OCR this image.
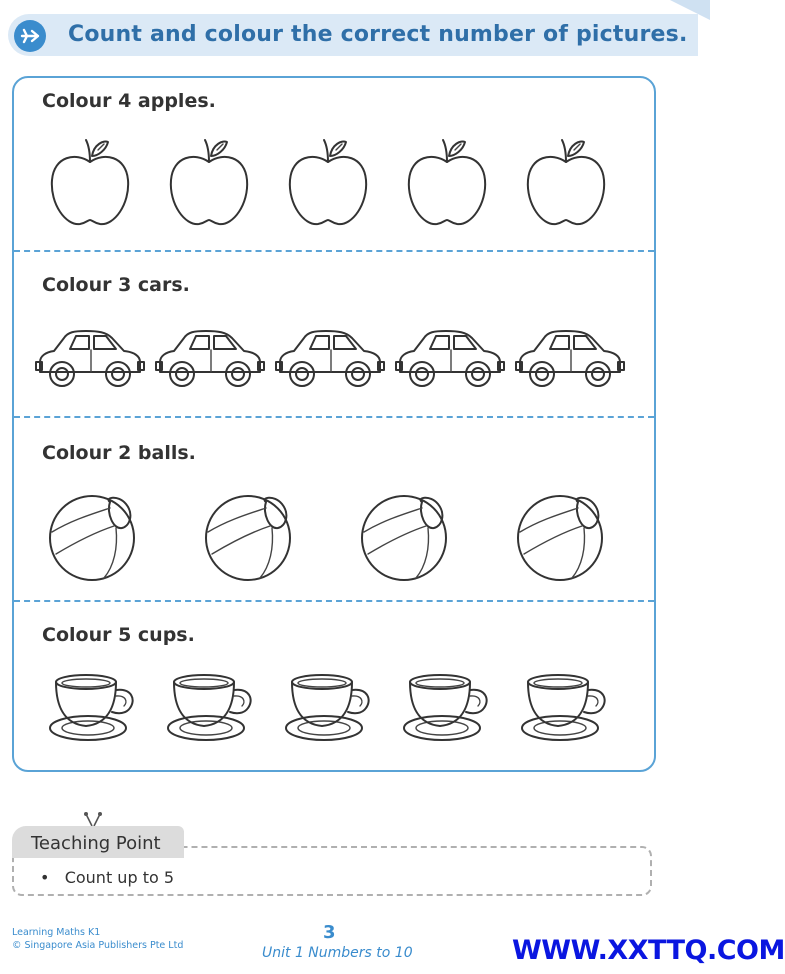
Count and colour the correct number of pictures.
Colour 4 apples.
Colour 3 cars.
Colour 2 balls.
Colour 5 cups.
Teaching Point
•   Count up to 5
Learning Maths K1
© Singapore Asia Publishers Pte Ltd
3
Unit 1 Numbers to 10	WWW.XXTTQ.COM
